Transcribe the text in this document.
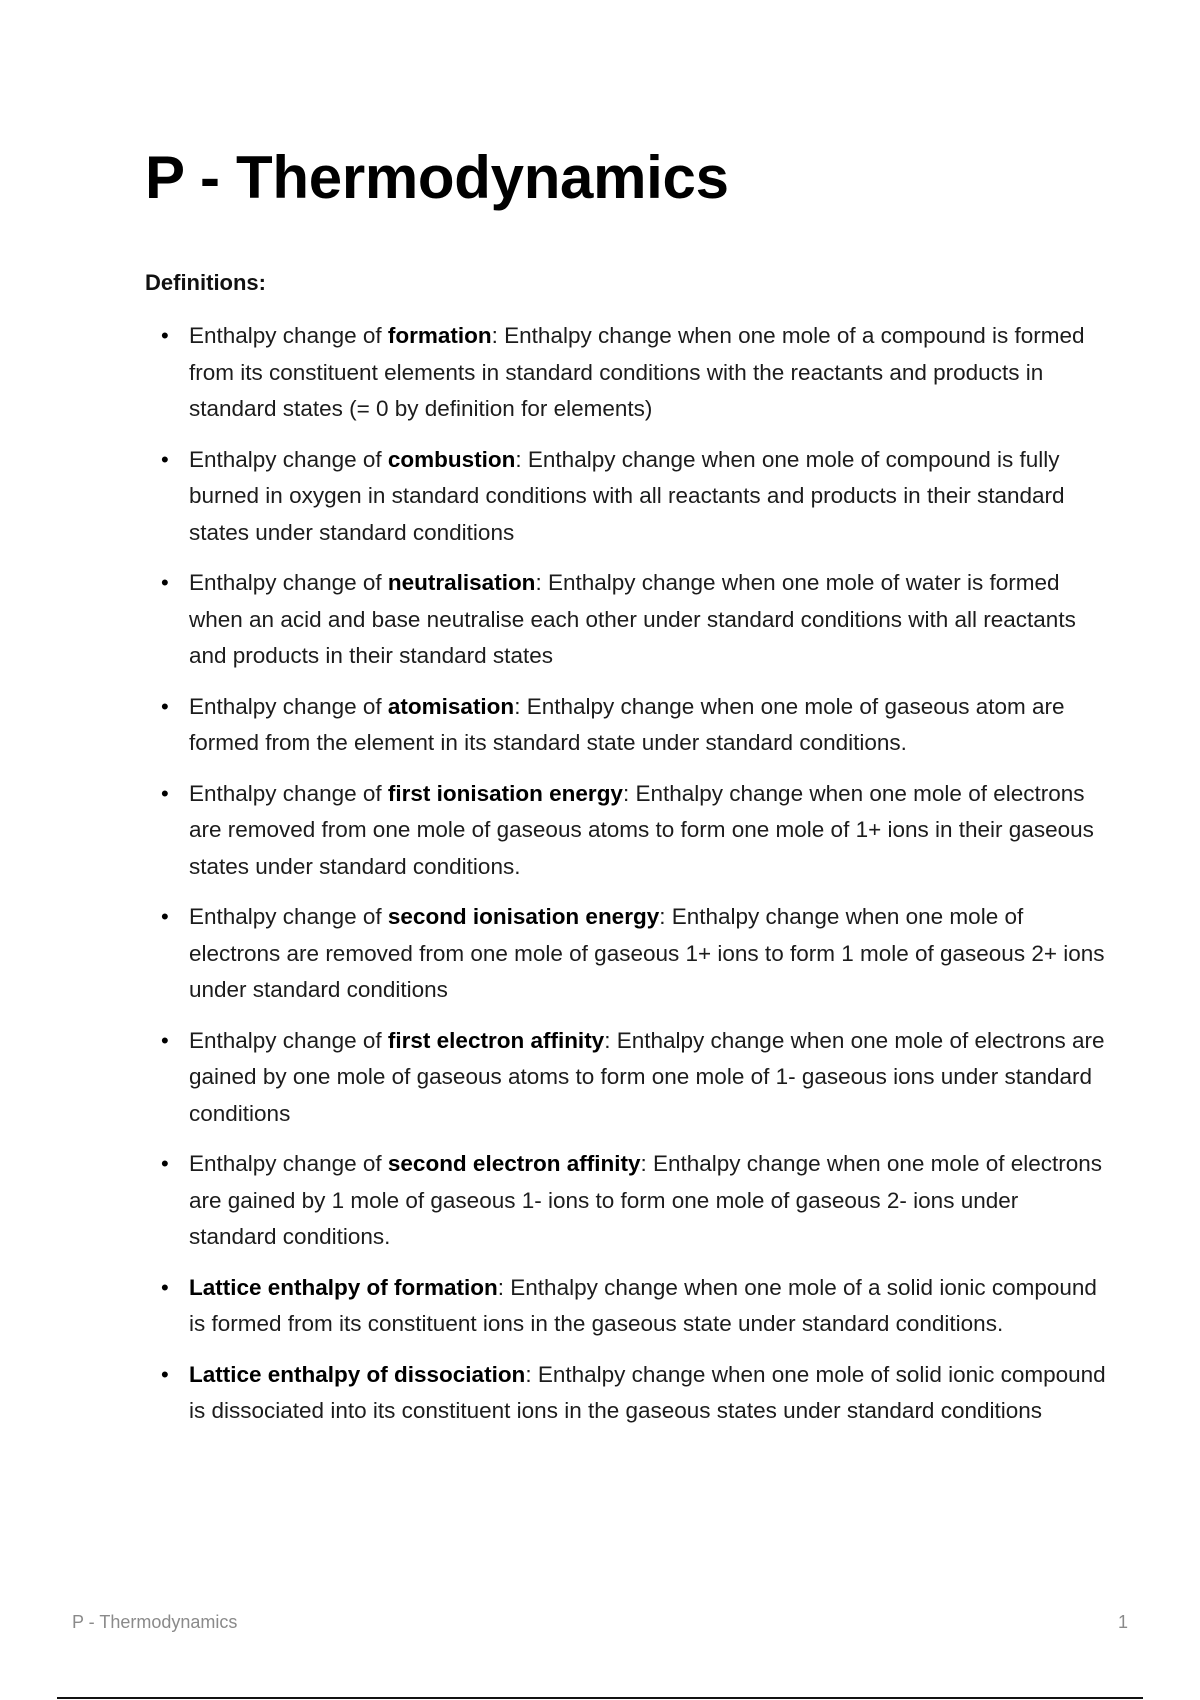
P - Thermodynamics
Definitions:
• Enthalpy change of formation: Enthalpy change when one mole of a compound is formed from its constituent elements in standard conditions with the reactants and products in standard states (= 0 by definition for elements)
• Enthalpy change of combustion: Enthalpy change when one mole of compound is fully burned in oxygen in standard conditions with all reactants and products in their standard states under standard conditions
• Enthalpy change of neutralisation: Enthalpy change when one mole of water is formed when an acid and base neutralise each other under standard conditions with all reactants and products in their standard states
• Enthalpy change of atomisation: Enthalpy change when one mole of gaseous atom are formed from the element in its standard state under standard conditions.
• Enthalpy change of first ionisation energy: Enthalpy change when one mole of electrons are removed from one mole of gaseous atoms to form one mole of 1+ ions in their gaseous states under standard conditions.
• Enthalpy change of second ionisation energy: Enthalpy change when one mole of electrons are removed from one mole of gaseous 1+ ions to form 1 mole of gaseous 2+ ions under standard conditions
• Enthalpy change of first electron affinity: Enthalpy change when one mole of electrons are gained by one mole of gaseous atoms to form one mole of 1- gaseous ions under standard conditions
• Enthalpy change of second electron affinity: Enthalpy change when one mole of electrons are gained by 1 mole of gaseous 1- ions to form one mole of gaseous 2- ions under standard conditions.
• Lattice enthalpy of formation: Enthalpy change when one mole of a solid ionic compound is formed from its constituent ions in the gaseous state under standard conditions.
• Lattice enthalpy of dissociation: Enthalpy change when one mole of solid ionic compound is dissociated into its constituent ions in the gaseous states under standard conditions
P - Thermodynamics	1
